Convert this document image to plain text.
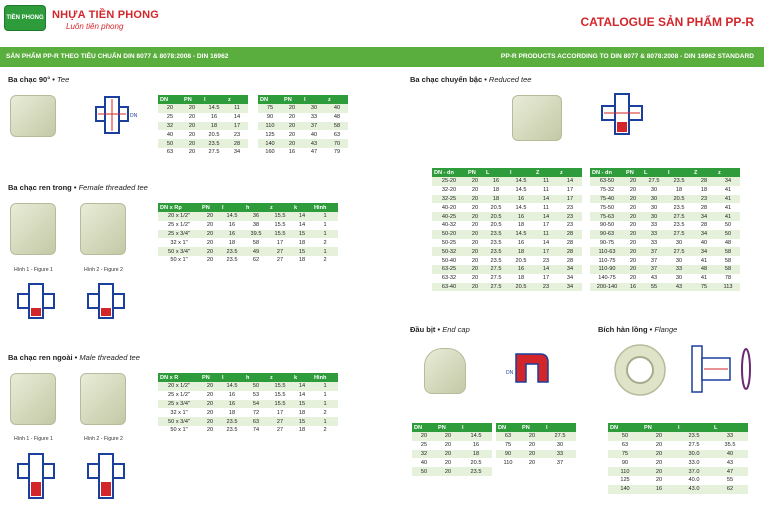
TIỀN PHONG NHỰA TIỀN PHONG
Luôn tiên phong	CATALOGUE SẢN PHẨM PP-R
SẢN PHẨM PP-R THEO TIÊU CHUẨN DIN 8077 & 8078:2008 - DIN 16962	PP-R PRODUCTS ACCORDING TO DIN 8077 & 8078:2008 - DIN 16962 STANDARD
Ba chạc 90° • Tee
DN
DN	PN	l	z
20	20	14.5	11
25	20	16	14
32	20	18	17
40	20	20.5	23
50	20	23.5	28
63	20	27.5	34
DN	PN	l	z
75	20	30	40
90	20	33	48
110	20	37	58
125	20	40	63
140	20	43	70
160	16	47	79
Ba chạc ren trong • Female threaded tee
Hình 1 - Figure 1	Hình 2 - Figure 2
DN x Rp	PN	l	h	z	k	Hình
20 x 1/2"	20	14.5	36	15.5	14	1
25 x 1/2"	20	16	38	15.5	14	1
25 x 3/4"	20	16	39.5	15.5	15	1
32 x 1"	20	18	58	17	18	2
50 x 3/4"	20	23.5	49	27	15	1
50 x 1"	20	23.5	62	27	18	2
Ba chạc ren ngoài • Male threaded tee
Hình 1 - Figure 1	Hình 2 - Figure 2
DN x R	PN	l	h	z	k	Hình
20 x 1/2"	20	14.5	50	15.5	14	1
25 x 1/2"	20	16	53	15.5	14	1
25 x 3/4"	20	16	54	15.5	15	1
32 x 1"	20	18	72	17	18	2
50 x 3/4"	20	23.5	63	27	15	1
50 x 1"	20	23.5	74	27	18	2
Ba chạc chuyển bậc • Reduced tee
DN - dn	PN	L	l	Z	z
25-20	20	16	14.5	11	14
32-20	20	18	14.5	11	17
32-25	20	18	16	14	17
40-20	20	20.5	14.5	11	23
40-25	20	20.5	16	14	23
40-32	20	20.5	18	17	23
50-20	20	23.5	14.5	11	28
50-25	20	23.5	16	14	28
50-32	20	23.5	18	17	28
50-40	20	23.5	20.5	23	28
63-25	20	27.5	16	14	34
63-32	20	27.5	18	17	34
63-40	20	27.5	20.5	23	34
DN - dn	PN	L	l	Z	z
63-50	20	27.5	23.5	28	34
75-32	20	30	18	18	41
75-40	20	30	20.5	23	41
75-50	20	30	23.5	28	41
75-63	20	30	27.5	34	41
90-50	20	33	23.5	28	50
90-63	20	33	27.5	34	50
90-75	20	33	30	40	48
110-63	20	37	27.5	34	58
110-75	20	37	30	41	58
110-90	20	37	33	48	58
140-75	20	43	30	41	78
200-140	16	55	43	75	113
Đầu bịt • End cap
DN
DN	PN	l
20	20	14.5
25	20	16
32	20	18
40	20	20.5
50	20	23.5
DN	PN	l
63	20	27.5
75	20	30
90	20	33
110	20	37
Bích hàn lồng • Flange
DN	PN	l	L
50	20	23.5	33
63	20	27.5	35.5
75	20	30.0	40
90	20	33.0	43
110	20	37.0	47
125	20	40.0	55
140	16	43.0	62
